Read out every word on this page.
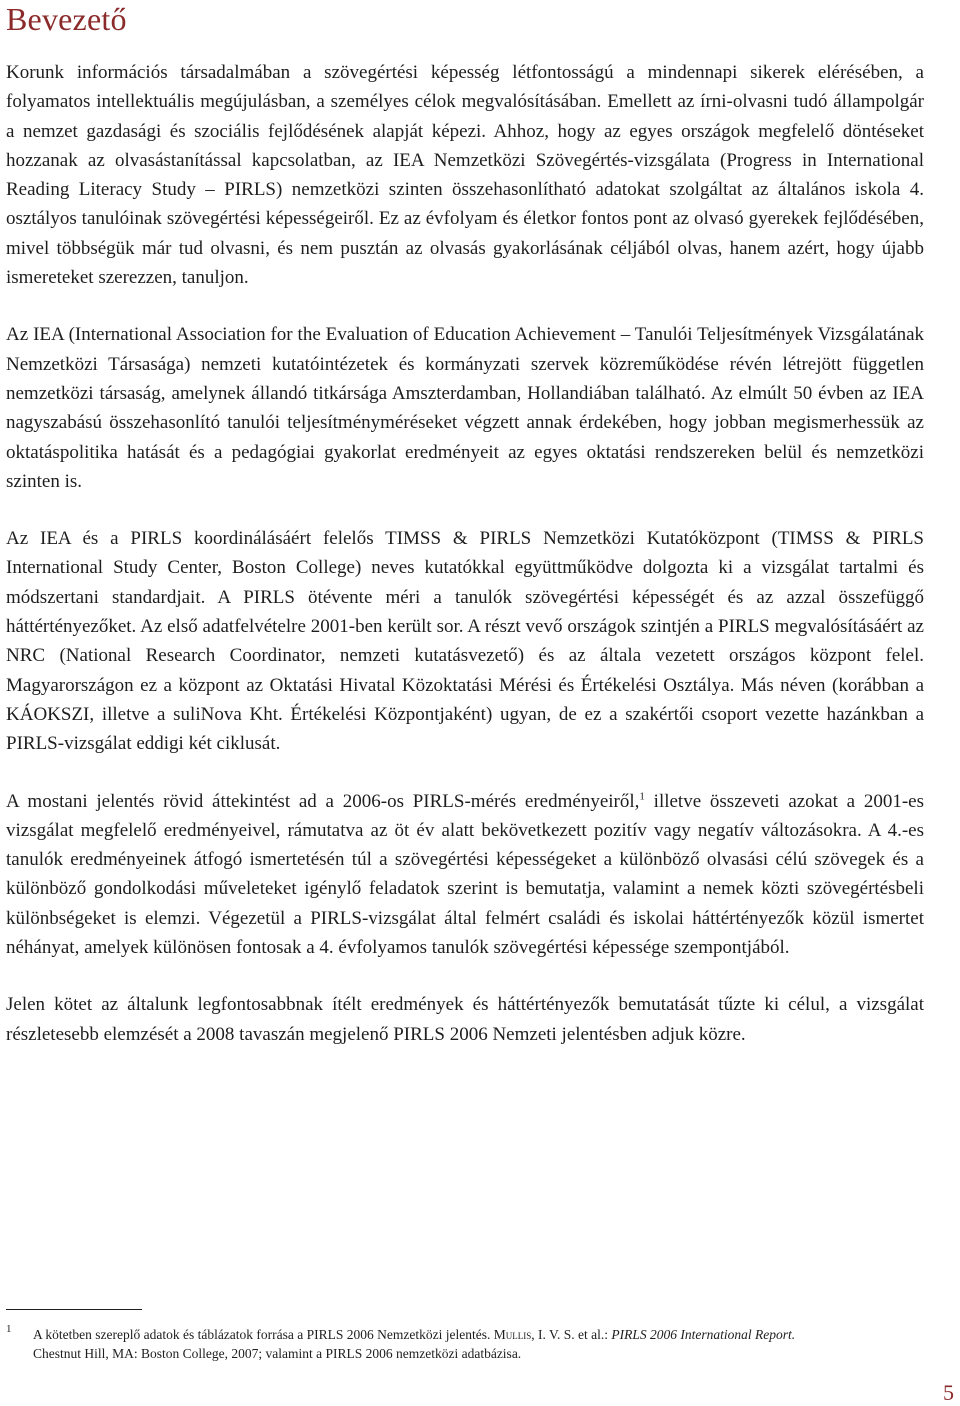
Bevezető

Korunk információs társadalmában a szövegértési képesség létfontosságú a mindennapi sikerek elérésében, a folyamatos intellektuális megújulásban, a személyes célok megvalósításában. Emellett az írni-olvasni tudó állampolgár a nemzet gazdasági és szociális fejlődésének alapját képezi. Ahhoz, hogy az egyes országok megfelelő döntéseket hozzanak az olvasástanítással kapcsolatban, az IEA Nemzetközi Szövegértés-vizsgálata (Progress in International Reading Literacy Study – PIRLS) nemzetközi szinten összehasonlítható adatokat szolgáltat az általános iskola 4. osztályos tanulóinak szövegértési képességeiről. Ez az évfolyam és életkor fontos pont az olvasó gyerekek fejlődésében, mivel többségük már tud olvasni, és nem pusztán az olvasás gyakorlásának céljából olvas, hanem azért, hogy újabb ismereteket szerezzen, tanuljon.

Az IEA (International Association for the Evaluation of Education Achievement – Tanulói Teljesítmények Vizsgálatának Nemzetközi Társasága) nemzeti kutatóintézetek és kormányzati szervek közreműködése révén létrejött független nemzetközi társaság, amelynek állandó titkársága Amszterdamban, Hollandiában található. Az elmúlt 50 évben az IEA nagyszabású összehasonlító tanulói teljesítményméréseket végzett annak érdekében, hogy jobban megismerhessük az oktatáspolitika hatását és a pedagógiai gyakorlat eredményeit az egyes oktatási rendszereken belül és nemzetközi szinten is.

Az IEA és a PIRLS koordinálásáért felelős TIMSS & PIRLS Nemzetközi Kutatóközpont (TIMSS & PIRLS International Study Center, Boston College) neves kutatókkal együttműködve dolgozta ki a vizsgálat tartalmi és módszertani standardjait. A PIRLS ötévente méri a tanulók szövegértési képességét és az azzal összefüggő háttértényezőket. Az első adatfelvételre 2001-ben került sor. A részt vevő országok szintjén a PIRLS megvalósításáért az NRC (National Research Coordinator, nemzeti kutatásvezető) és az általa vezetett országos központ felel. Magyarországon ez a központ az Oktatási Hivatal Közoktatási Mérési és Értékelési Osztálya. Más néven (korábban a KÁOKSZI, illetve a suliNova Kht. Értékelési Központjaként) ugyan, de ez a szakértői csoport vezette hazánkban a PIRLS-vizsgálat eddigi két ciklusát.

A mostani jelentés rövid áttekintést ad a 2006-os PIRLS-mérés eredményeiről,$^1$ illetve összeveti azokat a 2001-es vizsgálat megfelelő eredményeivel, rámutatva az öt év alatt bekövetkezett pozitív vagy negatív változásokra. A 4.-es tanulók eredményeinek átfogó ismertetésén túl a szövegértési képességeket a különböző olvasási célú szövegek és a különböző gondolkodási műveleteket igénylő feladatok szerint is bemutatja, valamint a nemek közti szövegértésbeli különbségeket is elemzi. Végezetül a PIRLS-vizsgálat által felmért családi és iskolai háttértényezők közül ismertet néhányat, amelyek különösen fontosak a 4. évfolyamos tanulók szövegértési képessége szempontjából.

Jelen kötet az általunk legfontosabbnak ítélt eredmények és háttértényezők bemutatását tűzte ki célul, a vizsgálat részletesebb elemzését a 2008 tavaszán megjelenő PIRLS 2006 Nemzeti jelentésben adjuk közre.

1 A kötetben szereplő adatok és táblázatok forrása a PIRLS 2006 Nemzetközi jelentés. Mullis, I. V. S. et al.: PIRLS 2006 International Report.
Chestnut Hill, MA: Boston College, 2007; valamint a PIRLS 2006 nemzetközi adatbázisa.
5
